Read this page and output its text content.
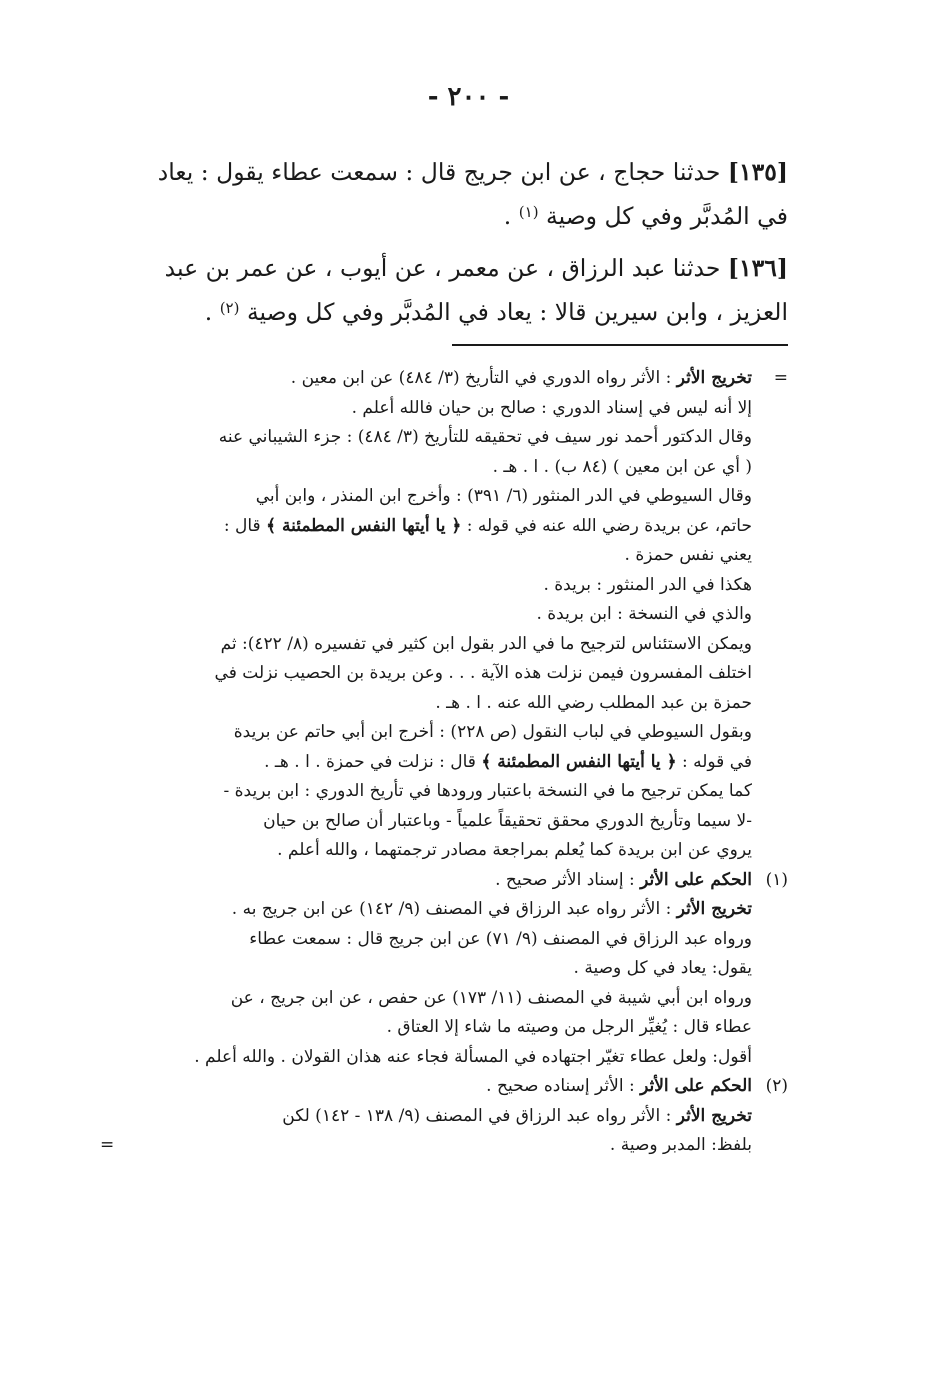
- ٢٠٠ -

[١٣٥] حدثنا حجاج ، عن ابن جريج قال : سمعت عطاء يقول : يعاد
في المُدبَّر وفي كل وصية $^{(١)}$ .

[١٣٦] حدثنا عبد الرزاق ، عن معمر ، عن أيوب ، عن عمر بن عبد
العزيز ، وابن سيرين قالا : يعاد في المُدبَّر وفي كل وصية $^{(٢)}$ .

=
تخريج الأثر : الأثر رواه الدوري في التأريخ (٣/ ٤٨٤) عن ابن معين .

إلا أنه ليس في إسناد الدوري : صالح بن حيان فالله أعلم .

وقال الدكتور أحمد نور سيف في تحقيقه للتأريخ (٣/ ٤٨٤) : جزء الشيباني عنه

( أي عن ابن معين ) (٨٤ ب) . ا . هـ .

وقال السيوطي في الدر المنثور (٦/ ٣٩١) : وأخرج ابن المنذر ، وابن أبي

حاتم، عن بريدة رضي الله عنه في قوله : ﴿ يا أيتها النفس المطمئنة ﴾ قال :

يعني نفس حمزة .

هكذا في الدر المنثور : بريدة .

والذي في النسخة : ابن بريدة .

ويمكن الاستئناس لترجيح ما في الدر بقول ابن كثير في تفسيره (٨/ ٤٢٢): ثم

اختلف المفسرون فيمن نزلت هذه الآية . . . وعن بريدة بن الحصيب نزلت في

حمزة بن عبد المطلب رضي الله عنه . ا . هـ .

وبقول السيوطي في لباب النقول (ص ٢٢٨) : أخرج ابن أبي حاتم عن بريدة

في قوله : ﴿ يا أيتها النفس المطمئنة ﴾ قال : نزلت في حمزة . ا . هـ .

كما يمكن ترجيح ما في النسخة باعتبار ورودها في تأريخ الدوري : ابن بريدة -

-لا سيما وتأريخ الدوري محقق تحقيقاً علمياً - وباعتبار أن صالح بن حيان

يروي عن ابن بريدة كما يُعلم بمراجعة مصادر ترجمتهما ، والله أعلم .

(١)
الحكم على الأثر : إسناد الأثر صحيح .

تخريج الأثر : الأثر رواه عبد الرزاق في المصنف (٩/ ١٤٢) عن ابن جريج به .

ورواه عبد الرزاق في المصنف (٩/ ٧١) عن ابن جريج قال : سمعت عطاء

يقول: يعاد في كل وصية .

ورواه ابن أبي شيبة في المصنف (١١/ ١٧٣) عن حفص ، عن ابن جريج ، عن

عطاء قال : يُغيِّر الرجل من وصيته ما شاء إلا العتاق .

أقول: ولعل عطاء تغيّر اجتهاده في المسألة فجاء عنه هذان القولان . والله أعلم .

(٢)
الحكم على الأثر : الأثر إسناده صحيح .

تخريج الأثر : الأثر رواه عبد الرزاق في المصنف (٩/ ١٣٨ - ١٤٢) لكن

بلفظ: المدبر وصية .
=
